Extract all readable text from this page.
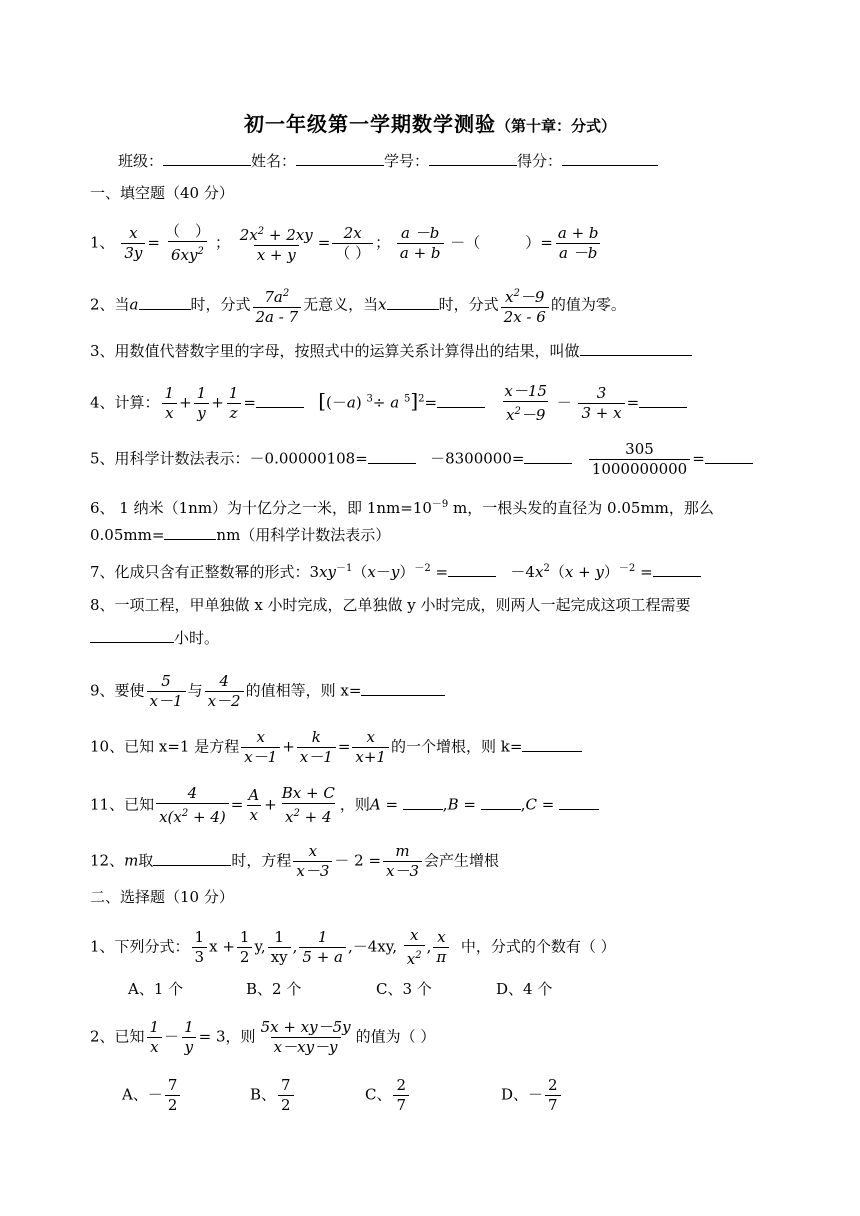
初一年级第一学期数学测验（第十章：分式）
班级：	姓名：	学号：	得分：
一、填空题（40 分）
1、 $\frac{x}{3y} = \frac{( )}{6xy^2}$ ； $\frac{2x^2 + 2xy}{x + y} = \frac{2x}{( )}$ ； $\frac{a -b}{a + b}$ －（　　　）= $\frac{a + b}{a -b}$
2、当a	时，分式 $\frac{7a^2}{2a - 7}$ 无意义，当x	时，分式 $\frac{x^2-9}{2x - 6}$ 的值为零。
3、用数值代替数字里的字母，按照式中的运算关系计算得出的结果，叫做
4、计算： $\frac{1}{x} + \frac{1}{y} + \frac{1}{z}$ =	[(－a) $^3$÷ a $^5$]$^2$=	$\frac{x-15}{x^2-9} - \frac{3}{3 + x}$ =
5、用科学计数法表示：－0.00000108=	－8300000=	$\frac{305}{1000000000}$ =
6、 1 纳米（1nm）为十亿分之一米，即 $1nm=10^{-9}$ m，一根头发的直径为 0.05mm，那么
0.05mm=	nm（用科学计数法表示）
7、化成只含有正整数幂的形式：$3xy^{-1}(x-y)^{-2}$ =	$-4x^2(x + y)^{-2}$ =
8、一项工程，甲单独做 x 小时完成，乙单独做 y 小时完成，则两人一起完成这项工程需要
小时。
9、要使 $\frac{5}{x-1}$ 与 $\frac{4}{x-2}$ 的值相等，则 x=
10、已知 x=1 是方程 $\frac{x}{x-1} + \frac{k}{x-1} = \frac{x}{x+1}$ 的一个增根，则 k=
11、已知 $\frac{4}{x(x^2 + 4)} = \frac{A}{x} + \frac{Bx + C}{x^2 + 4}$ ，则A =	,B =	,C =
12、m取	时，方程 $\frac{x}{x-3} - 2 = \frac{m}{x-3}$ 会产生增根
二、选择题（10 分）
1、下列分式： $\frac{1}{3}$ $x + \frac{1}{2} y$, $\frac{1}{xy}$ , $\frac{1}{5 + a} ,-4xy$, $\frac{x}{x^2}$ , $\frac{x}{\pi}$ 中，分式的个数有（ ）
A、1 个	B、2 个	C、3 个	D、4 个
2、已知 $\frac{1}{x} - \frac{1}{y} = 3$，则 $\frac{5x + xy-5y}{x-xy-y}$ 的值为（ ）
A、－ $\frac{7}{2}$	B、 $\frac{7}{2}$	C、 $\frac{2}{7}$	D、－ $\frac{2}{7}$
